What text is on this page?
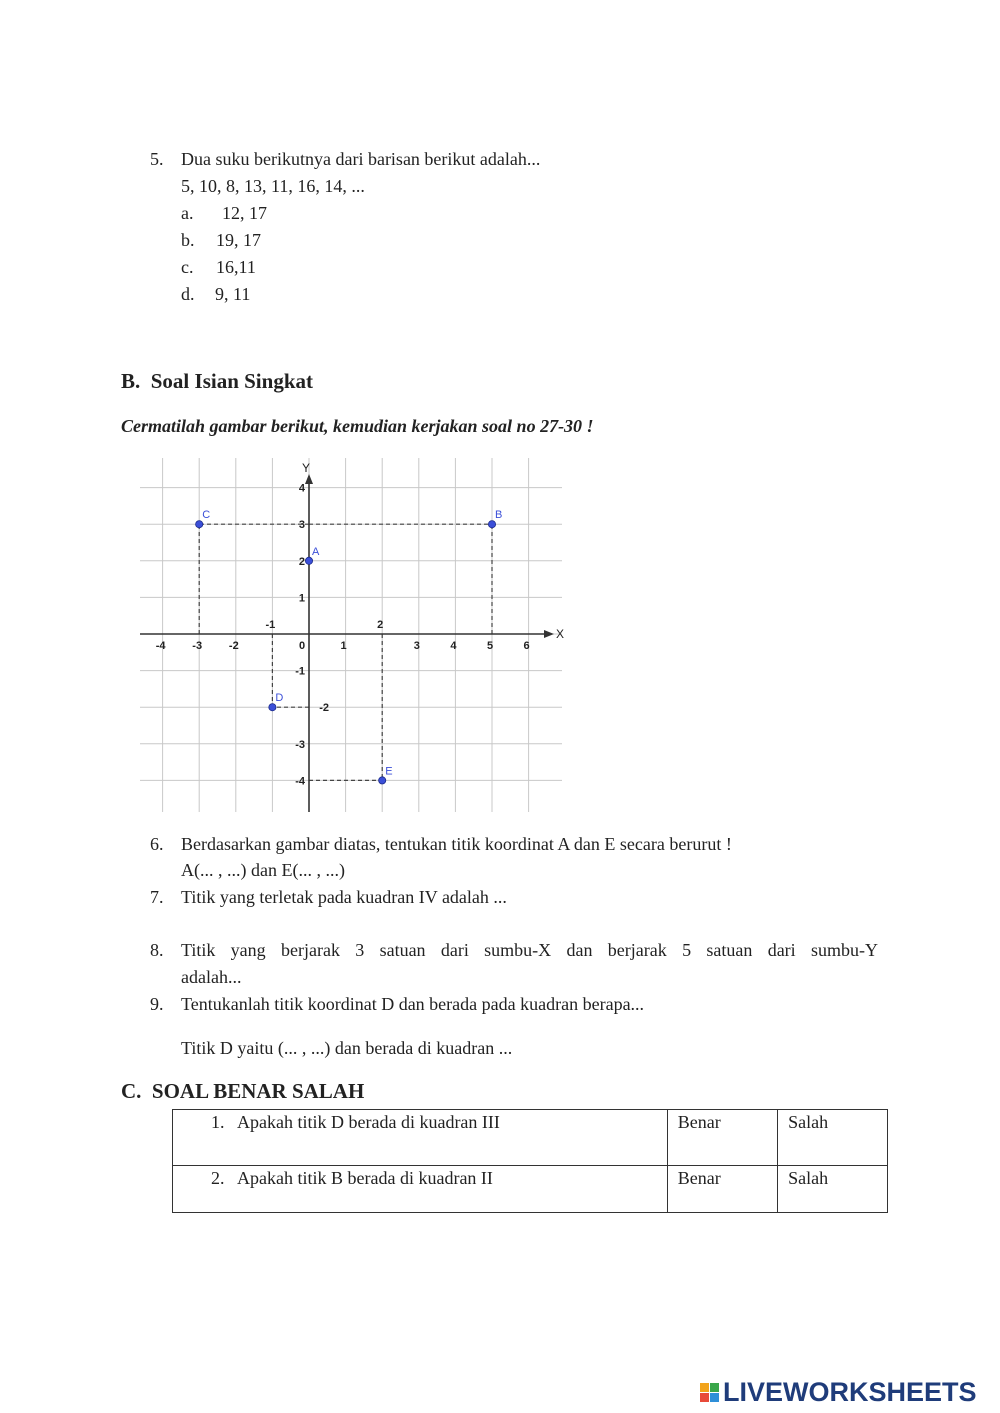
5. Dua suku berikutnya dari barisan berikut adalah...
5, 10, 8, 13, 11, 16, 14, ...
a. 12, 17
b. 19, 17
c. 16,11
d. 9, 11
B.  Soal Isian Singkat
Cermatilah gambar berikut, kemudian kerjakan soal no 27-30 !
X
Y
-4 -3 -2
-1
0	1
2
3	4	5	6
4
3
2
1
-1
-2
-3
-4
A
B
C
D
E
6. Berdasarkan gambar diatas, tentukan titik koordinat A dan E secara berurut !
A(... , ...) dan E(... , ...)
7. Titik yang terletak pada kuadran IV adalah ...
8. Titik yang berjarak 3 satuan dari sumbu-X dan berjarak 5 satuan dari sumbu-Y
adalah...
9. Tentukanlah titik koordinat D dan berada pada kuadran berapa...
Titik D yaitu (... , ...) dan berada di kuadran ...
C.  SOAL BENAR SALAH
1.   Apakah titik D berada di kuadran III	Benar	Salah
2.   Apakah titik B berada di kuadran II	Benar	Salah
LIVEWORKSHEETS
